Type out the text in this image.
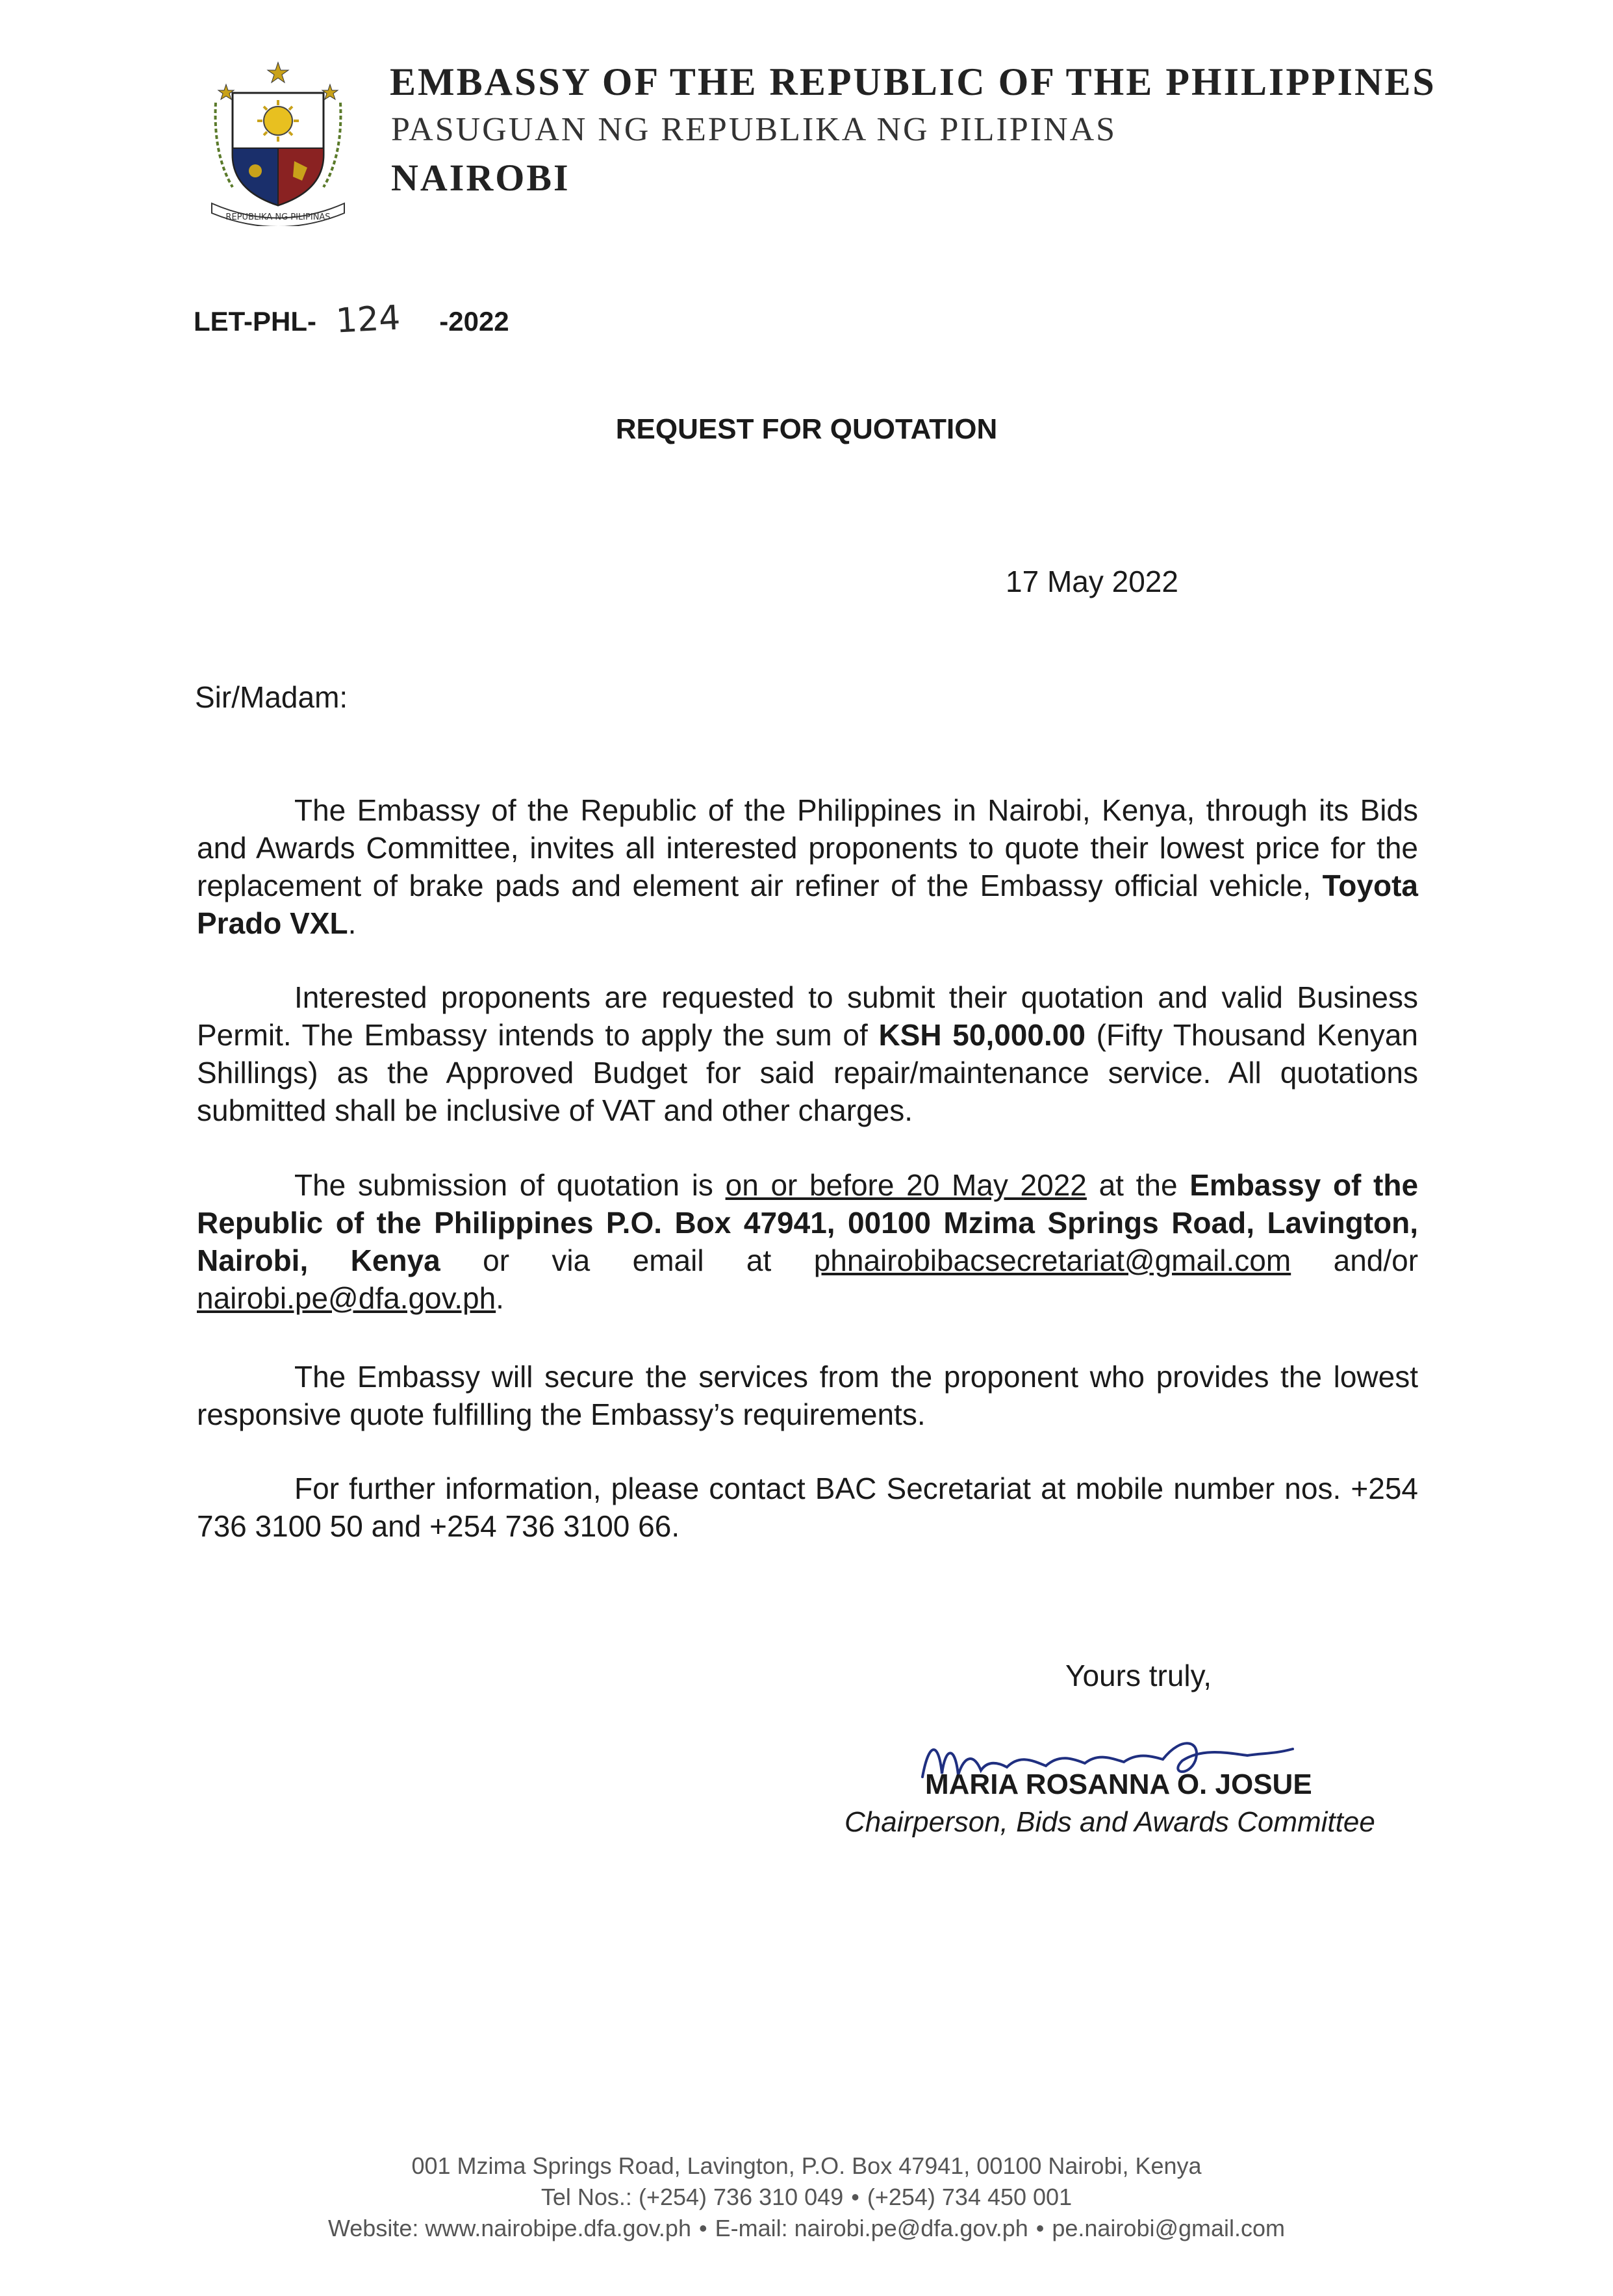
REPUBLIKA NG PILIPINAS
EMBASSY OF THE REPUBLIC OF THE PHILIPPINES
PASUGUAN NG REPUBLIKA NG PILIPINAS
NAIROBI
LET-PHL- 124 -2022
REQUEST FOR QUOTATION
17 May 2022
Sir/Madam:

The Embassy of the Republic of the Philippines in Nairobi, Kenya, through its Bids and Awards Committee, invites all interested proponents to quote their lowest price for the replacement of brake pads and element air refiner of the Embassy official vehicle, Toyota Prado VXL.

Interested proponents are requested to submit their quotation and valid Business Permit. The Embassy intends to apply the sum of KSH 50,000.00 (Fifty Thousand Kenyan Shillings) as the Approved Budget for said repair/maintenance service. All quotations submitted shall be inclusive of VAT and other charges.

The submission of quotation is on or before 20 May 2022 at the Embassy of the Republic of the Philippines P.O. Box 47941, 00100 Mzima Springs Road, Lavington, Nairobi, Kenya or via email at phnairobibacsecretariat@gmail.com and/or nairobi.pe@dfa.gov.ph.

The Embassy will secure the services from the proponent who provides the lowest responsive quote fulfilling the Embassy’s requirements.

For further information, please contact BAC Secretariat at mobile number nos. +254 736 3100 50 and +254 736 3100 66.

Yours truly,
MARIA ROSANNA O. JOSUE
Chairperson, Bids and Awards Committee
001 Mzima Springs Road, Lavington, P.O. Box 47941, 00100 Nairobi, Kenya
Tel Nos.: (+254) 736 310 049 • (+254) 734 450 001
Website: www.nairobipe.dfa.gov.ph • E-mail: nairobi.pe@dfa.gov.ph • pe.nairobi@gmail.com
